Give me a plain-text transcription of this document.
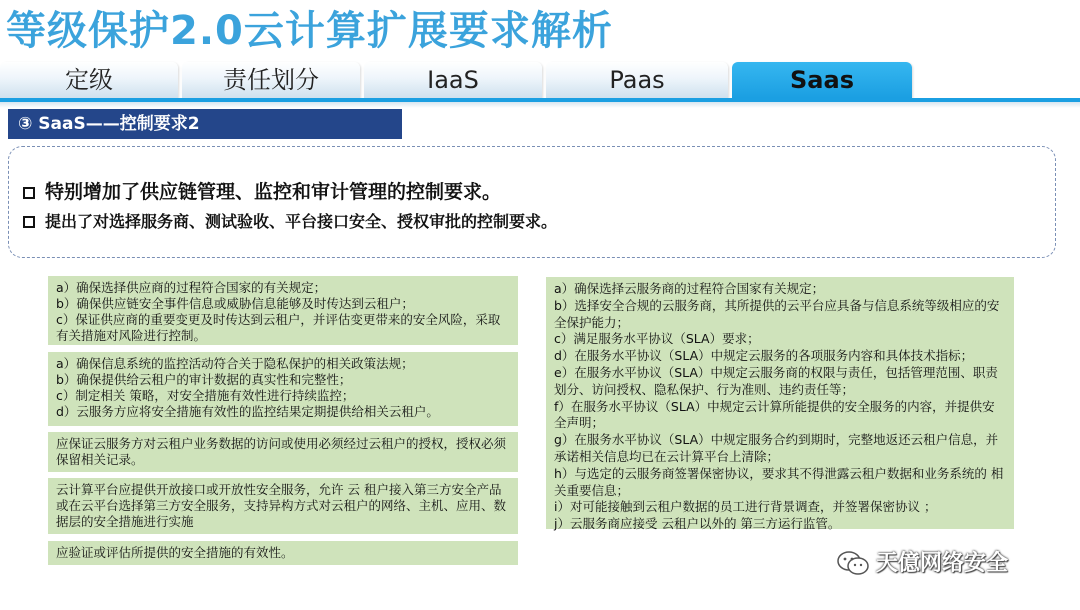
等级保护2.0云计算扩展要求解析
定级	责任划分	IaaS	Paas	Saas
③ SaaS——控制要求2
特别增加了供应链管理、监控和审计管理的控制要求。
提出了对选择服务商、测试验收、平台接口安全、授权审批的控制要求。
a）确保选择供应商的过程符合国家的有关规定；
b）确保供应链安全事件信息或威胁信息能够及时传达到云租户；
c）保证供应商的重要变更及时传达到云租户，并评估变更带来的安全风险，采取有关措施对风险进行控制。
a）确保信息系统的监控活动符合关于隐私保护的相关政策法规；
b）确保提供给云租户的审计数据的真实性和完整性；
c）制定相关 策略，对安全措施有效性进行持续监控；
d）云服务方应将安全措施有效性的监控结果定期提供给相关云租户。
应保证云服务方对云租户业务数据的访问或使用必须经过云租户的授权，授权必须保留相关记录。
云计算平台应提供开放接口或开放性安全服务，允许 云 租户接入第三方安全产品或在云平台选择第三方安全服务，支持异构方式对云租户的网络、主机、应用、数据层的安全措施进行实施
应验证或评估所提供的安全措施的有效性。
a）确保选择云服务商的过程符合国家有关规定；
b）选择安全合规的云服务商，其所提供的云平台应具备与信息系统等级相应的安全保护能力；
c）满足服务水平协议（SLA）要求；
d）在服务水平协议（SLA）中规定云服务的各项服务内容和具体技术指标；
e）在服务水平协议（SLA）中规定云服务商的权限与责任，包括管理范围、职责划分、访问授权、隐私保护、行为准则、违约责任等；
f）在服务水平协议（SLA）中规定云计算所能提供的安全服务的内容，并提供安全声明；
g）在服务水平协议（SLA）中规定服务合约到期时，完整地返还云租户信息，并承诺相关信息均已在云计算平台上清除；
h）与选定的云服务商签署保密协议，要求其不得泄露云租户数据和业务系统的 相关重要信息；
i）对可能接触到云租户数据的员工进行背景调查，并签署保密协议 ；
j）云服务商应接受 云租户以外的 第三方运行监管。
天億网络安全
